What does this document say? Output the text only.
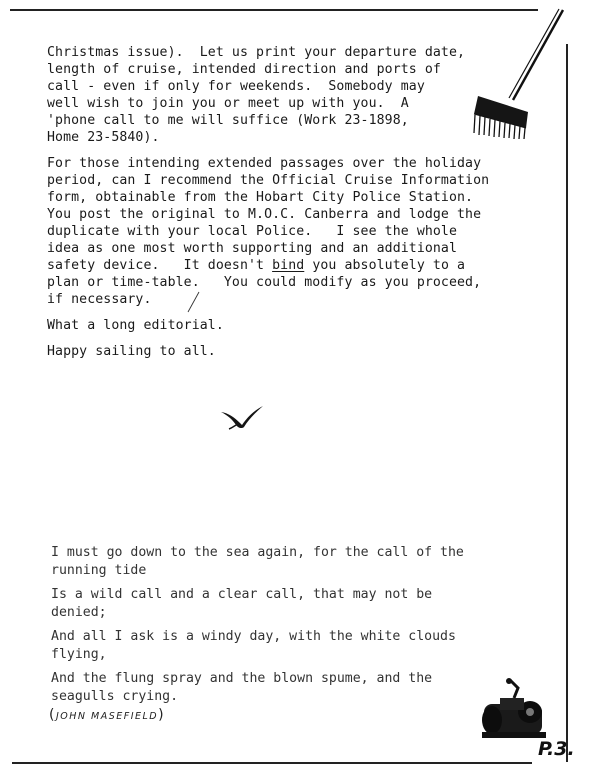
Christmas issue).  Let us print your departure date,
length of cruise, intended direction and ports of
call - even if only for weekends.  Somebody may
well wish to join you or meet up with you.  A
'phone call to me will suffice (Work 23-1898,
Home 23-5840).
For those intending extended passages over the holiday
period, can I recommend the Official Cruise Information
form, obtainable from the Hobart City Police Station.
You post the original to M.O.C. Canberra and lodge the
duplicate with your local Police.   I see the whole
idea as one most worth supporting and an additional
safety device.   It doesn't bind you absolutely to a
plan or time-table.   You could modify as you proceed,
if necessary.
What a long editorial.
Happy sailing to all.
I must go down to the sea again, for the call of the
running tide
Is a wild call and a clear call, that may not be
denied;
And all I ask is a windy day, with the white clouds
flying,
And the flung spray and the blown spume, and the
seagulls crying.
(JOHN MASEFIELD)
P.3.
